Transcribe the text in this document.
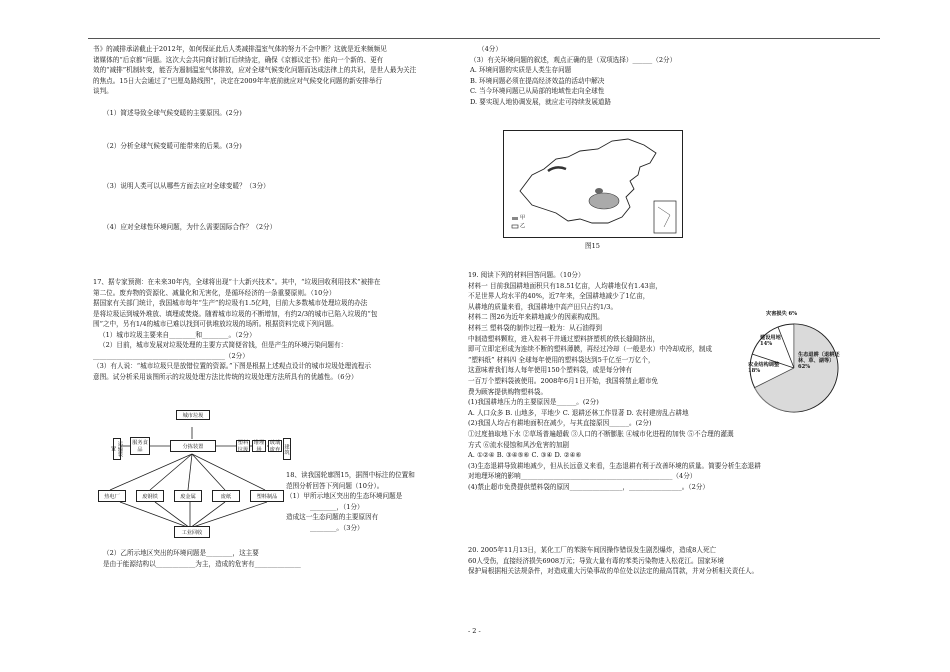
书》的减排承诺截止于2012年，如何保证此后人类减排温室气体的努力不会中断？这就是近来频频见
诸媒体的“后京都”问题。这次大会共同商讨制订后续协定，确保《京都议定书》能向一个新的、更有
效的“减排”机制转变，能否为遏制温室气体排放，应对全球气候变化问题而达成法律上的共识，是世人最为关注
的焦点。15日大会通过了“巴厘岛路线图”，决定在2009年年底前就应对气候变化问题的新安排举行
谈判。
（1）简述导致全球气候变暖的主要原因。(2分)
（2）分析全球气候变暖可能带来的后果。(3分)
（3）说明人类可以从哪些方面去应对全球变暖？（3分）
（4）应对全球性环境问题，为什么需要国际合作？（2分）
17、据专家预测：在未来30年内，全球将出现“十大新兴技术”。其中，“垃圾回收利用技术”被排在
第二位。废弃物的资源化、减量化和无害化，是循环经济的一条重要原则。（10分）
据国家有关部门统计，我国城市每年“生产”的垃圾有1.5亿吨，目前大多数城市处理垃圾的办法
是将垃圾运到城外堆放、填埋或焚烧。随着城市垃圾的不断增加，有约2/3的城市已陷入垃圾的“包
围”之中，另有1/4的城市已难以找到可供堆放垃圾的场所。根据资料完成下列问题。
（1）城市垃圾主要来自________和________。（2分）
（2）目前，城市发展对垃圾处理的主要方式简便省钱，但是产生的环境污染问题有：
________________________________________（2分）
（3）有人说：“城市垃圾只是放错位置的资源。”下图是根据上述观点设计的城市垃圾处理流程示
意图。试分析采用该图所示的垃圾处理方法比传统的垃圾处理方法所具有的优越性。（6分）
城市垃圾
分拣装置
运输装置
服务食品
塑料垃圾
堆埋场
玻璃废弃 建筑
热电厂	废钢铁	废金属	废纸	塑料制品
工业回收
18、读我国轮廓图15，据图中标注的位置和
范围分析回答下列问题（10分）。
（1）甲所示地区突出的生态环境问题是
________，（1分）
造成这一生态问题的主要原因有
________。（3分）
（2）乙所示地区突出的环境问题是________，这主要
是由于能源结构以____________为主，造成的危害有______________
（4分）
（3）有关环境问题的叙述，观点正确的是（双项选择）______（2分）
A. 环境问题的实质是人类生存问题
B. 环境问题必须在提高经济效益的活动中解决
C. 当今环境问题已从局部的地域性走向全球性
D. 要实现人地协调发展，就应走可持续发展道路
甲
乙
图15
19. 阅读下列的材料回答问题。（10分）
材料一 目前我国耕地面积只有18.51亿亩，人均耕地仅有1.43亩，
不足世界人均水平的40%，近7年来，全国耕地减少了1亿亩，
从耕地的质量来看，我国耕地中高产田只占约1/3。
材料二 图26为近年来耕地减少的因素构成图。
材料三 塑料袋的制作过程一般为：从石油得到
中制造塑料颗粒，进入粒料干井通过塑料挤塑机的铁长缝隙挤出，
即可立即定形成为连续不断的塑料薄膜，再经过冷却（一般是水）中冷却成形，制成
“塑料纸” 材料四 全球每年使用的塑料袋达到5千亿至一万亿个，
这意味着我们每人每年使用150个塑料袋，或是每分钟有
一百万个塑料袋被使用。2008年6月1日开始，我国将禁止超市免
费为顾客提供购物塑料袋。
(1)我国耕地压力的主要原因是______。(2分)
A. 人口众多 B. 山地多，平地少 C. 退耕还林工作显著 D. 农村建房乱占耕地
(2)我国人均占有耕地面积在减少，与其直接原因______。(2分)
①过度抽取地下水 ②草场普遍超载 ③人口的不断膨胀 ④城市化进程的加快 ⑤不合理的灌溉
方式 ⑥流水侵蚀和风沙危害的加剧
A. ①②④ B. ③④⑤⑥ C. ③④ D. ②④⑥
(3)生态退耕导致耕地减少，但从长远意义来看，生态退耕有利于改善环境的质量。简要分析生态退耕
对地理环境的影响______________________________________________（4分）
(4)禁止超市免费提供塑料袋的原因________________，________________。（2分）
灾害损失 6%
建设用地 14%
农业结构调整 18%
生态退耕（退耕还林、草、湖等） 62%
20. 2005年11月13日，某化工厂的苯胺车间因操作错误发生剧烈爆炸，造成8人死亡
60人受伤，直接经济损失6908万元；导致大量有毒的苯类污染物进入松花江。国家环境
保护局根据相关法规条件，对造成重大污染事故的单位处以法定的最高罚款，并对分析相关责任人。
- 2 -
